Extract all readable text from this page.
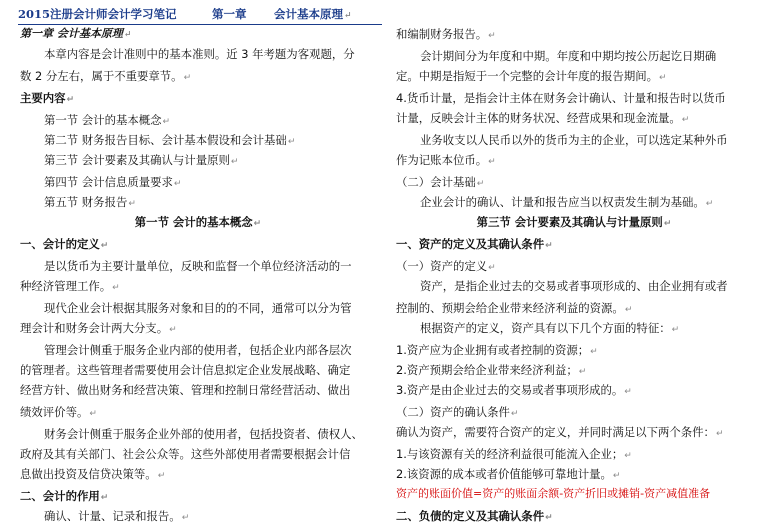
2015注册会计师会计学习笔记	第一章 会计基本原理↵
第一章 会计基本原理↵
本章内容是会计准则中的基本准则。近 3 年考题为客观题，分
数 2 分左右，属于不重要章节。↵
主要内容↵
第一节 会计的基本概念↵
第二节 财务报告目标、会计基本假设和会计基础↵
第三节 会计要素及其确认与计量原则↵
第四节 会计信息质量要求↵
第五节 财务报告↵
第一节 会计的基本概念↵
一、会计的定义↵
是以货币为主要计量单位，反映和监督一个单位经济活动的一
种经济管理工作。↵
现代企业会计根据其服务对象和目的的不同，通常可以分为管
理会计和财务会计两大分支。↵
管理会计侧重于服务企业内部的使用者，包括企业内部各层次
的管理者。这些管理者需要使用会计信息拟定企业发展战略、确定
经营方针、做出财务和经营决策、管理和控制日常经营活动、做出
绩效评价等。↵
财务会计侧重于服务企业外部的使用者，包括投资者、债权人、
政府及其有关部门、社会公众等。这些外部使用者需要根据会计信
息做出投资及信贷决策等。↵
二、会计的作用↵
确认、计量、记录和报告。↵
和编制财务报告。↵
会计期间分为年度和中期。年度和中期均按公历起讫日期确
定。中期是指短于一个完整的会计年度的报告期间。↵
4.货币计量，是指会计主体在财务会计确认、计量和报告时以货币
计量，反映会计主体的财务状况、经营成果和现金流量。↵
业务收支以人民币以外的货币为主的企业，可以选定某种外币
作为记账本位币。↵
（二）会计基础↵
企业会计的确认、计量和报告应当以权责发生制为基础。↵
第三节 会计要素及其确认与计量原则↵
一、资产的定义及其确认条件↵
（一）资产的定义↵
资产，是指企业过去的交易或者事项形成的、由企业拥有或者
控制的、预期会给企业带来经济利益的资源。↵
根据资产的定义，资产具有以下几个方面的特征：↵
1.资产应为企业拥有或者控制的资源；↵
2.资产预期会给企业带来经济利益；↵
3.资产是由企业过去的交易或者事项形成的。↵
（二）资产的确认条件↵
确认为资产，需要符合资产的定义，并同时满足以下两个条件：↵
1.与该资源有关的经济利益很可能流入企业；↵
2.该资源的成本或者价值能够可靠地计量。↵
资产的账面价值=资产的账面余额-资产折旧或摊销-资产减值准备
二、负债的定义及其确认条件↵
